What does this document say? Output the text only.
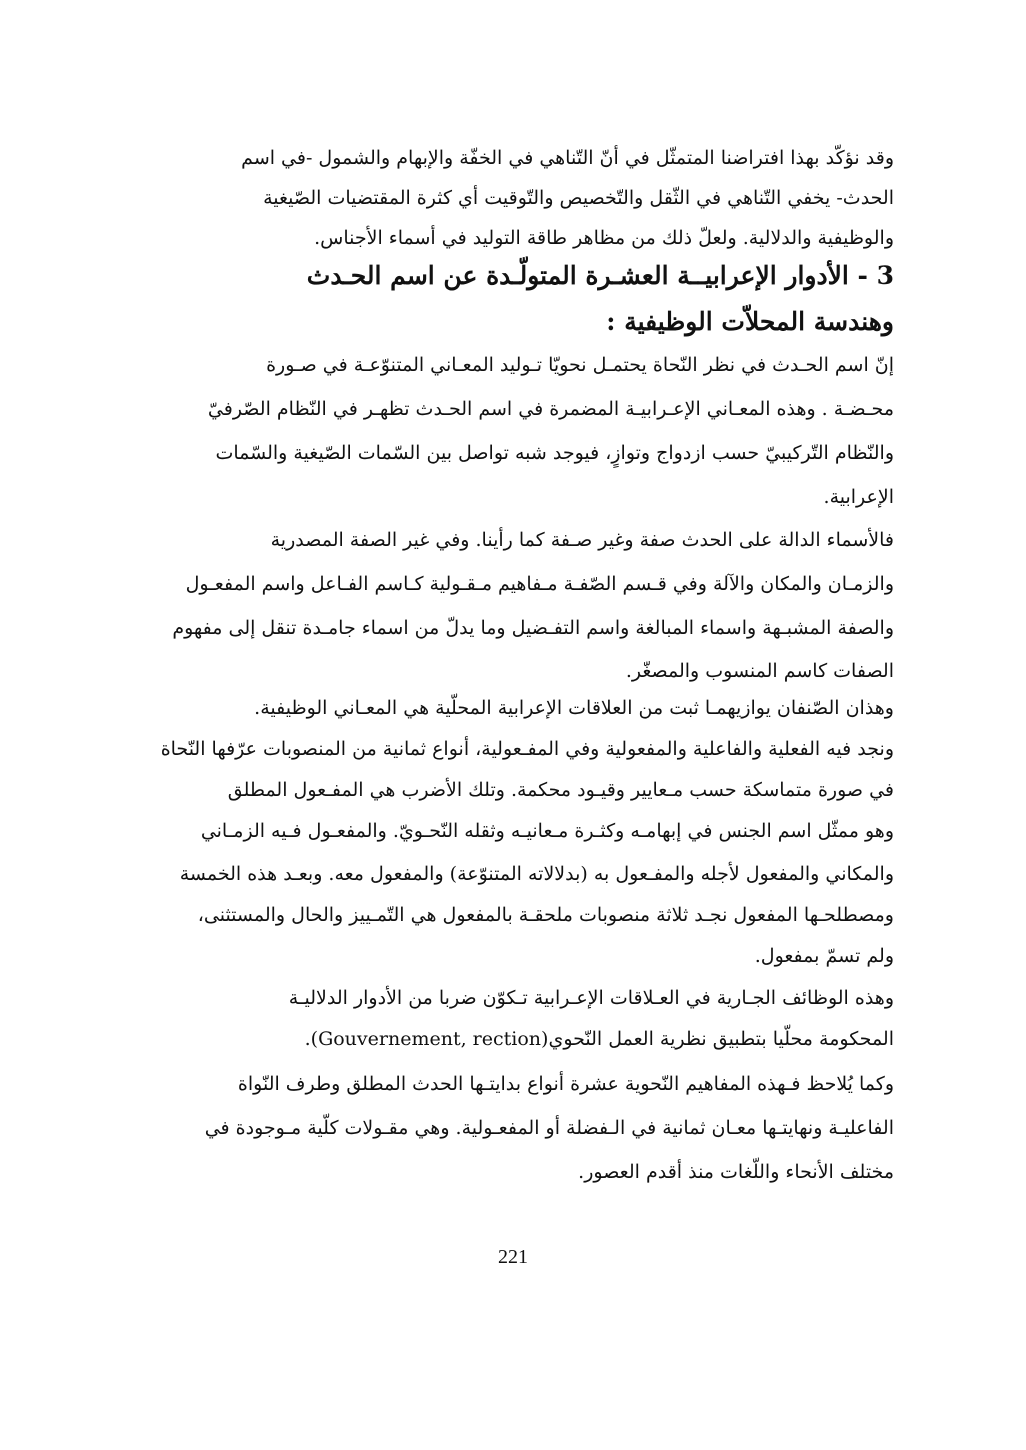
وقد نؤكّد بهذا افتراضنا المتمثّل في أنّ التّناهي في الخفّة والإبهام والشمول -في اسم
الحدث- يخفي التّناهي في الثّقل والتّخصيص والتّوقيت أي كثرة المقتضيات الصّيغية
والوظيفية والدلالية. ولعلّ ذلك من مظاهر طاقة التوليد في أسماء الأجناس.
3 - الأدوار الإعرابيــة العشـرة المتولّـدة عن اسم الحـدث
وهندسة المحلاّت الوظيفية :
إنّ اسم الحـدث في نظر النّحاة يحتمـل نحويّا تـوليد المعـاني المتنوّعـة في صـورة
محـضـة . وهذه المعـاني الإعـرابيـة المضمرة في اسم الحـدث تظهـر في النّظام الصّرفيّ
والنّظام التّركيبيّ حسب ازدواج وتوازٍ، فيوجد شبه تواصل بين السّمات الصّيغية والسّمات
الإعرابية.
فالأسماء الدالة على الحدث صفة وغير صـفة كما رأينا. وفي غير الصفة المصدرية
والزمـان والمكان والآلة وفي قـسم الصّفـة مـفاهيم مـقـولية كـاسم الفـاعل واسم المفعـول
والصفة المشبـهة واسماء المبالغة واسم التفـضيل وما يدلّ من اسماء جامـدة تنقل إلى مفهوم
الصفات كاسم المنسوب والمصغّر.
وهذان الصّنفان يوازيهمـا ثبت من العلاقات الإعرابية المحلّية هي المعـاني الوظيفية.
ونجد فيه الفعلية والفاعلية والمفعولية وفي المفـعولية، أنواع ثمانية من المنصوبات عرّفها النّحاة
في صورة متماسكة حسب مـعايير وقيـود محكمة. وتلك الأضرب هي المفـعول المطلق
وهو ممثّل اسم الجنس في إبهامـه وكثـرة مـعانيـه وثقله النّحـويّ. والمفعـول فـيه الزمـاني
والمكاني والمفعول لأجله والمفـعول به (بدلالاته المتنوّعة) والمفعول معه. وبعـد هذه الخمسة
ومصطلحـها المفعول نجـد ثلاثة منصوبات ملحقـة بالمفعول هي التّمـييز والحال والمستثنى،
ولم تسمّ بمفعول.
وهذه الوظائف الجـارية في العـلاقات الإعـرابية تـكوّن ضربا من الأدوار الدلاليـة
المحكومة محلّيا بتطبيق نظرية العمل النّحوي(Gouvernement, rection).
وكما يُلاحظ فـهذه المفاهيم النّحوية عشرة أنواع بدايتـها الحدث المطلق وطرف النّواة
الفاعليـة ونهايتـها معـان ثمانية في الـفضلة أو المفعـولية. وهي مقـولات كلّية مـوجودة في
مختلف الأنحاء واللّغات منذ أقدم العصور.
221
